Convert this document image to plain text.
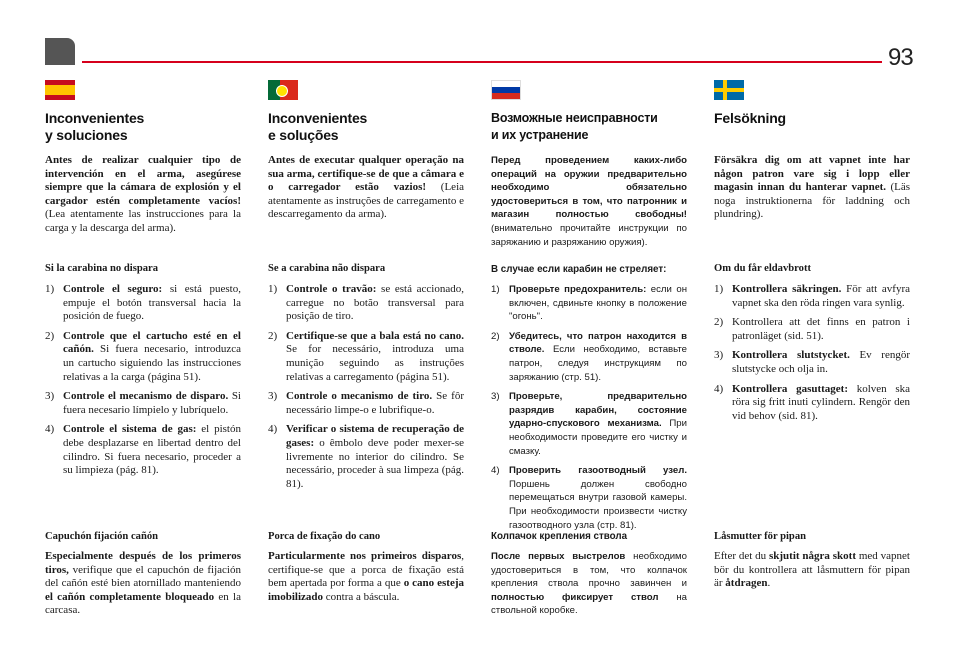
93
Inconvenientes
y soluciones

Antes de realizar cualquier tipo de intervención en el arma, asegúrese siempre que la cámara de explosión y el cargador estén completamente vacíos! (Lea atentamente las instrucciones para la carga y la descarga del arma).

Inconvenientes
e soluções

Antes de executar qualquer operação na sua arma, certifique-se de que a câmara e o carregador estão vazios! (Leia atentamente as instruções de carregamento e descarregamento da arma).

Возможные неисправности
и их устранение

Перед проведением каких-либо операций на оружии предварительно необходимо обязательно удостовериться в том, что патронник и магазин полностью свободны! (внимательно прочитайте инструкции по заряжанию и разряжанию оружия).

Felsökning

Försäkra dig om att vapnet inte har någon patron vare sig i lopp eller magasin innan du hanterar vapnet. (Läs noga instruktionerna för laddning och plundring).

Si la carabina no dispara	Se a carabina não dispara	В случае если карабин не стреляет:	Om du får eldavbrott
1) Controle el seguro: si está puesto, empuje el botón transversal hacia la posición de fuego.
2) Controle que el cartucho esté en el cañón. Si fuera necesario, introduzca un cartucho siguiendo las instrucciones relativas a la carga (página 51).
3) Controle el mecanismo de disparo. Si fuera necesario límpielo y lubríquelo.
4) Controle el sistema de gas: el pistón debe desplazarse en libertad dentro del cilindro. Si fuera necesario, proceder a su limpieza (pág. 81).
1) Controle o travão: se está accionado, carregue no botão transversal para posição de tiro.
2) Certifique-se que a bala está no cano. Se for necessário, introduza uma munição seguindo as instruções relativas a carregamento (página 51).
3) Controle o mecanismo de tiro. Se fôr necessário limpe-o e lubrifique-o.
4) Verificar o sistema de recuperação de gases: o êmbolo deve poder mexer-se livremente no interior do cilindro. Se necessário, proceder à sua limpeza (pág. 81).
1) Проверьте предохранитель: если он включен, сдвиньте кнопку в положение "огонь".
2) Убедитесь, что патрон находится в стволе. Если необходимо, вставьте патрон, следуя инструкциям по заряжанию (стр. 51).
3) Проверьте, предварительно разрядив карабин, состояние ударно-спускового механизма. При необходимости проведите его чистку и смазку.
4) Проверить газоотводный узел. Поршень должен свободно перемещаться внутри газовой камеры. При необходимости произвести чистку газоотводного узла (стр. 81).
1) Kontrollera säkringen. För att avfyra vapnet ska den röda ringen vara synlig.
2) Kontrollera att det finns en patron i patronläget (sid. 51).
3) Kontrollera slutstycket. Ev rengör slutstycke och olja in.
4) Kontrollera gasuttaget: kolven ska röra sig fritt inuti cylindern. Rengör den vid behov (sid. 81).
Capuchón fijación cañón	Porca de fixação do cano	Колпачок крепления ствола	Låsmutter för pipan

Especialmente después de los primeros tiros, verifique que el capuchón de fijación del cañón esté bien atornillado manteniendo el cañón completamente bloqueado en la carcasa.

Particularmente nos primeiros disparos, certifique-se que a porca de fixação está bem apertada por forma a que o cano esteja imobilizado contra a báscula.

После первых выстрелов необходимо удостовериться в том, что колпачок крепления ствола прочно завинчен и полностью фиксирует ствол на ствольной коробке.

Efter det du skjutit några skott med vapnet bör du kontrollera att låsmuttern för pipan är åtdragen.
